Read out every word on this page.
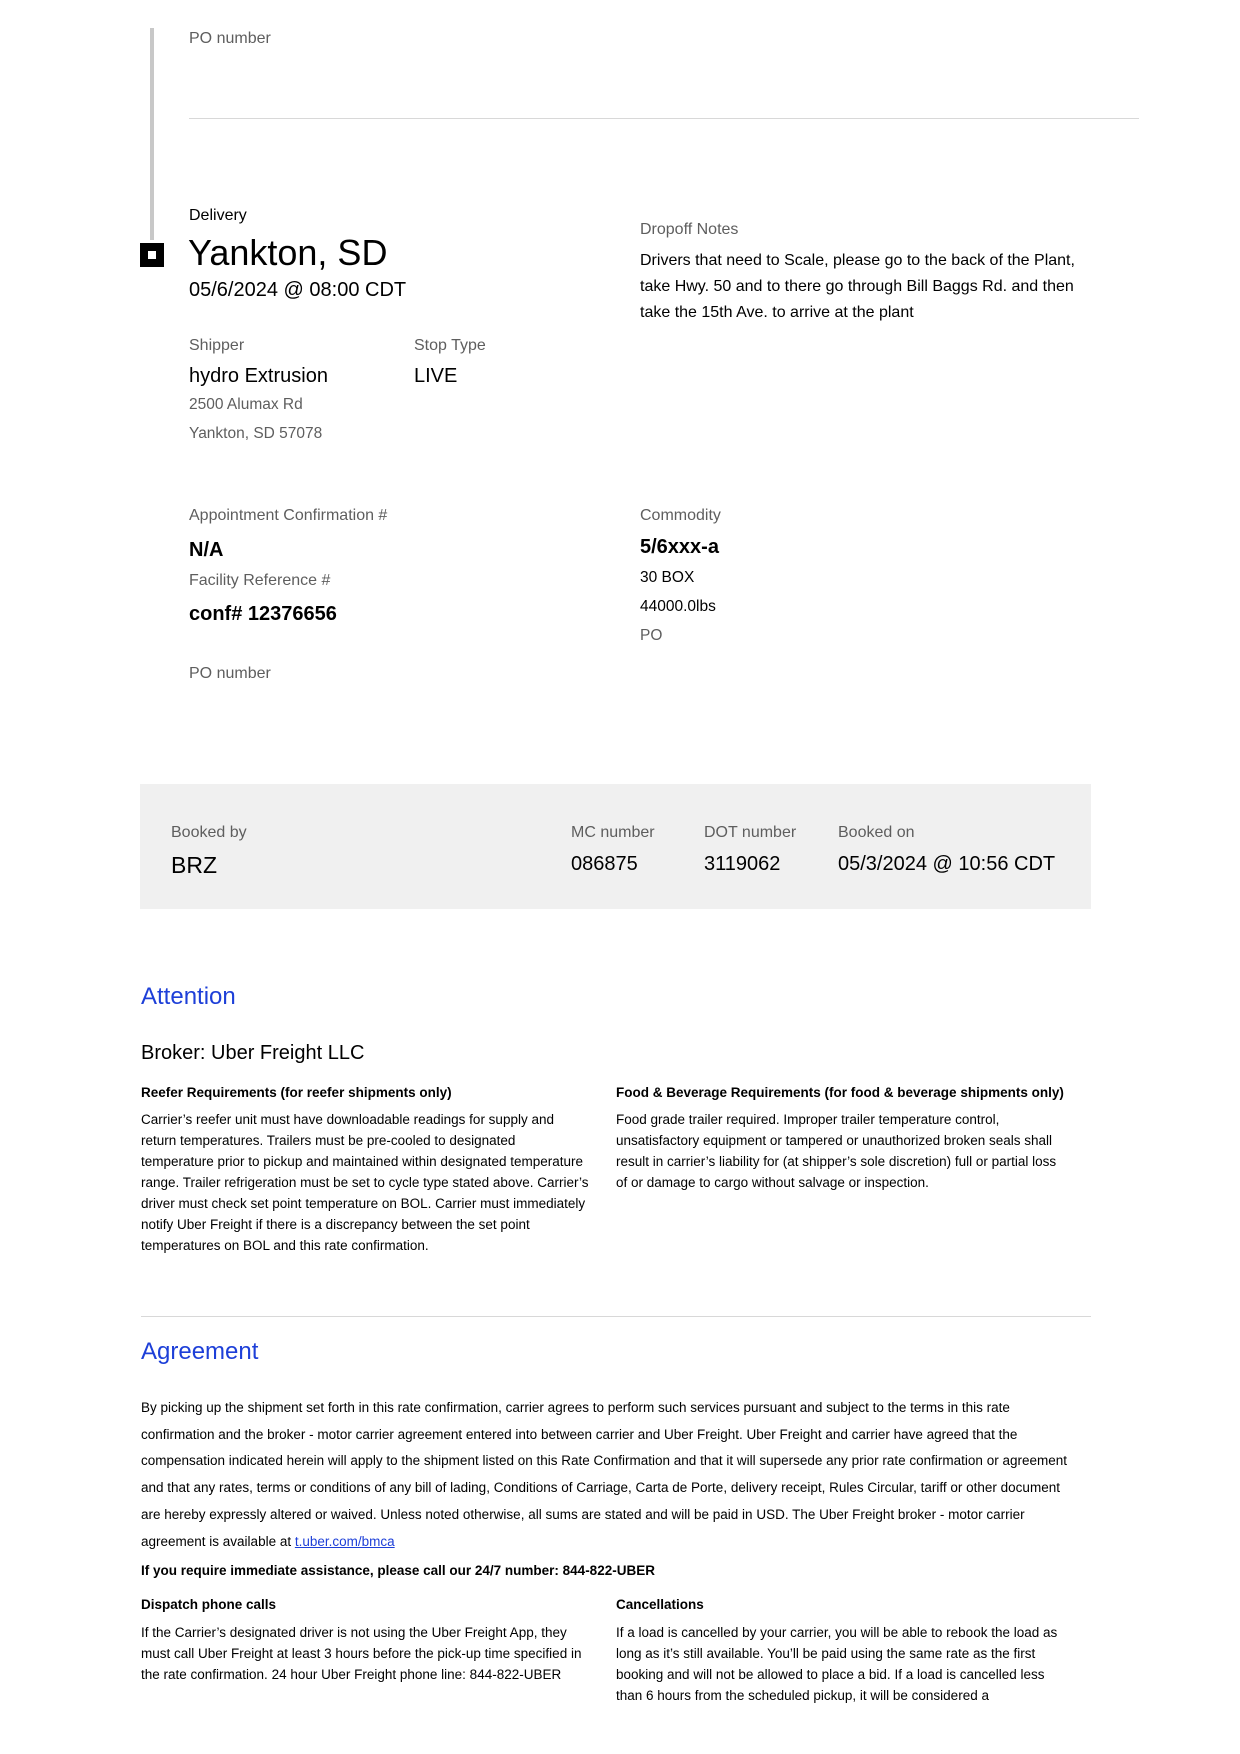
PO number
Delivery
Yankton, SD
05/6/2024 @ 08:00 CDT
Dropoff Notes
Drivers that need to Scale, please go to the back of the Plant, take Hwy. 50 and to there go through Bill Baggs Rd. and then take the 15th Ave. to arrive at the plant
Shipper
hydro Extrusion
2500 Alumax Rd
Yankton, SD 57078
Stop Type
LIVE
Appointment Confirmation #
N/A
Facility Reference #
conf# 12376656
PO number
Commodity
5/6xxx-a
30 BOX
44000.0lbs
PO
Booked by
BRZ
MC number
086875
DOT number
3119062
Booked on
05/3/2024 @ 10:56 CDT
Attention
Broker: Uber Freight LLC
Reefer Requirements (for reefer shipments only)
Carrier’s reefer unit must have downloadable readings for supply and return temperatures. Trailers must be pre-cooled to designated temperature prior to pickup and maintained within designated temperature range. Trailer refrigeration must be set to cycle type stated above. Carrier’s driver must check set point temperature on BOL. Carrier must immediately notify Uber Freight if there is a discrepancy between the set point temperatures on BOL and this rate confirmation.
Food & Beverage Requirements (for food & beverage shipments only)
Food grade trailer required. Improper trailer temperature control, unsatisfactory equipment or tampered or unauthorized broken seals shall result in carrier’s liability for (at shipper’s sole discretion) full or partial loss of or damage to cargo without salvage or inspection.
Agreement
By picking up the shipment set forth in this rate confirmation, carrier agrees to perform such services pursuant and subject to the terms in this rate confirmation and the broker - motor carrier agreement entered into between carrier and Uber Freight. Uber Freight and carrier have agreed that the compensation indicated herein will apply to the shipment listed on this Rate Confirmation and that it will supersede any prior rate confirmation or agreement and that any rates, terms or conditions of any bill of lading, Conditions of Carriage, Carta de Porte, delivery receipt, Rules Circular, tariff or other document are hereby expressly altered or waived. Unless noted otherwise, all sums are stated and will be paid in USD. The Uber Freight broker - motor carrier agreement is available at t.uber.com/bmca
If you require immediate assistance, please call our 24/7 number: 844-822-UBER
Dispatch phone calls
If the Carrier’s designated driver is not using the Uber Freight App, they must call Uber Freight at least 3 hours before the pick-up time specified in the rate confirmation. 24 hour Uber Freight phone line: 844-822-UBER
Cancellations
If a load is cancelled by your carrier, you will be able to rebook the load as long as it’s still available. You’ll be paid using the same rate as the first booking and will not be allowed to place a bid. If a load is cancelled less than 6 hours from the scheduled pickup, it will be considered a
